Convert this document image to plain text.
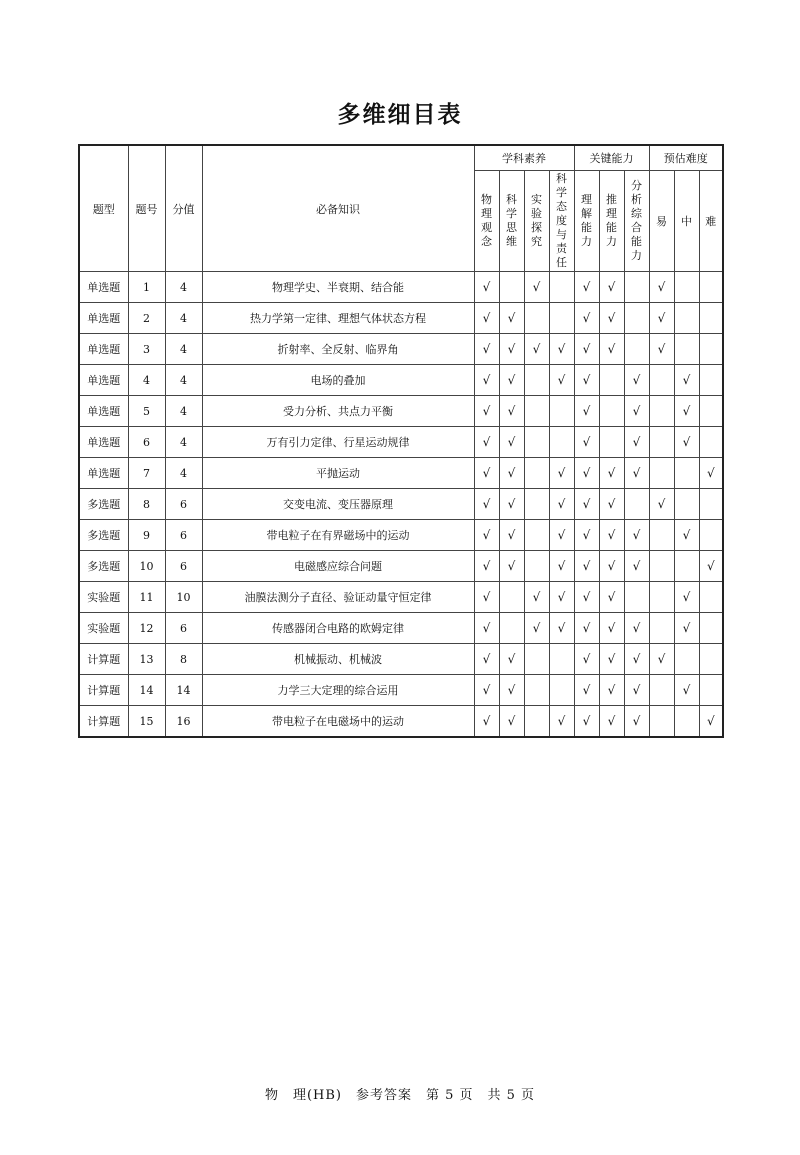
多维细目表
题型	题号	分值	必备知识	学科素养				关键能力			预估难度		
				物理观念	科学思维	实验探究	科学态度与责任	理解能力	推理能力	分析综合能力	易	中	难
单选题	1	4	物理学史、半衰期、结合能	√		√		√	√		√		
单选题	2	4	热力学第一定律、理想气体状态方程	√	√			√	√		√		
单选题	3	4	折射率、全反射、临界角	√	√	√	√	√	√		√		
单选题	4	4	电场的叠加	√	√		√	√		√		√	
单选题	5	4	受力分析、共点力平衡	√	√			√		√		√	
单选题	6	4	万有引力定律、行星运动规律	√	√			√		√		√	
单选题	7	4	平抛运动	√	√		√	√	√	√			√
多选题	8	6	交变电流、变压器原理	√	√		√	√	√		√		
多选题	9	6	带电粒子在有界磁场中的运动	√	√		√	√	√	√		√	
多选题	10	6	电磁感应综合问题	√	√		√	√	√	√			√
实验题	11	10	油膜法测分子直径、验证动量守恒定律	√		√	√	√	√			√	
实验题	12	6	传感器闭合电路的欧姆定律	√		√	√	√	√	√		√	
计算题	13	8	机械振动、机械波	√	√			√	√	√	√		
计算题	14	14	力学三大定理的综合运用	√	√			√	√	√		√	
计算题	15	16	带电粒子在电磁场中的运动	√	√		√	√	√	√			√
物　理(HB)　参考答案　第 5 页　共 5 页
